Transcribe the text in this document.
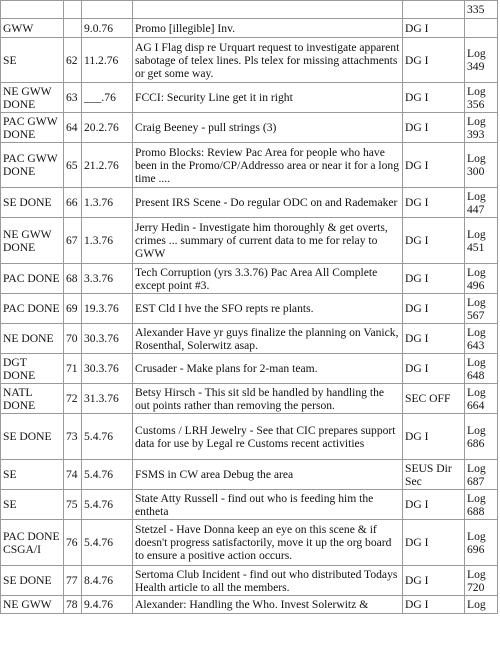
					335
GWW		9.0.76	Promo [illegible] Inv.	DG I	
SE	62	11.2.76	AG I Flag disp re Urquart request to investigate apparent sabotage of telex lines. Pls telex for missing attachments or get some way.	DG I	Log 349
NE GWW DONE	63	___.76	FCCI: Security Line get it in right	DG I	Log 356
PAC GWW DONE	64	20.2.76	Craig Beeney - pull strings (3)	DG I	Log 393
PAC GWW DONE	65	21.2.76	Promo Blocks: Review Pac Area for people who have been in the Promo/CP/Addresso area or near it for a long time ....	DG I	Log 300
SE DONE	66	1.3.76	Present IRS Scene - Do regular ODC on and Rademaker	DG I	Log 447
NE GWW DONE	67	1.3.76	Jerry Hedin - Investigate him thoroughly & get overts, crimes ... summary of current data to me for relay to GWW	DG I	Log 451
PAC DONE	68	3.3.76	Tech Corruption (yrs 3.3.76) Pac Area All Complete except point #3.	DG I	Log 496
PAC DONE	69	19.3.76	EST Cld I hve the SFO repts re plants.	DG I	Log 567
NE DONE	70	30.3.76	Alexander Have yr guys finalize the planning on Vanick, Rosenthal, Solerwitz asap.	DG I	Log 643
DGT DONE	71	30.3.76	Crusader - Make plans for 2-man team.	DG I	Log 648
NATL DONE	72	31.3.76	Betsy Hirsch - This sit sld be handled by handling the out points rather than removing the person.	SEC OFF	Log 664
SE DONE	73	5.4.76	Customs / LRH Jewelry - See that CIC prepares support data for use by Legal re Customs recent activities	DG I	Log 686
SE	74	5.4.76	FSMS in CW area Debug the area	SEUS Dir Sec	Log 687
SE	75	5.4.76	State Atty Russell - find out who is feeding him the entheta	DG I	Log 688
PAC DONE CSGA/I	76	5.4.76	Stetzel - Have Donna keep an eye on this scene & if doesn't progress satisfactorily, move it up the org board to ensure a positive action occurs.	DG I	Log 696
SE DONE	77	8.4.76	Sertoma Club Incident - find out who distributed Todays Health article to all the members.	DG I	Log 720
NE GWW	78	9.4.76	Alexander: Handling the Who. Invest Solerwitz &	DG I	Log
